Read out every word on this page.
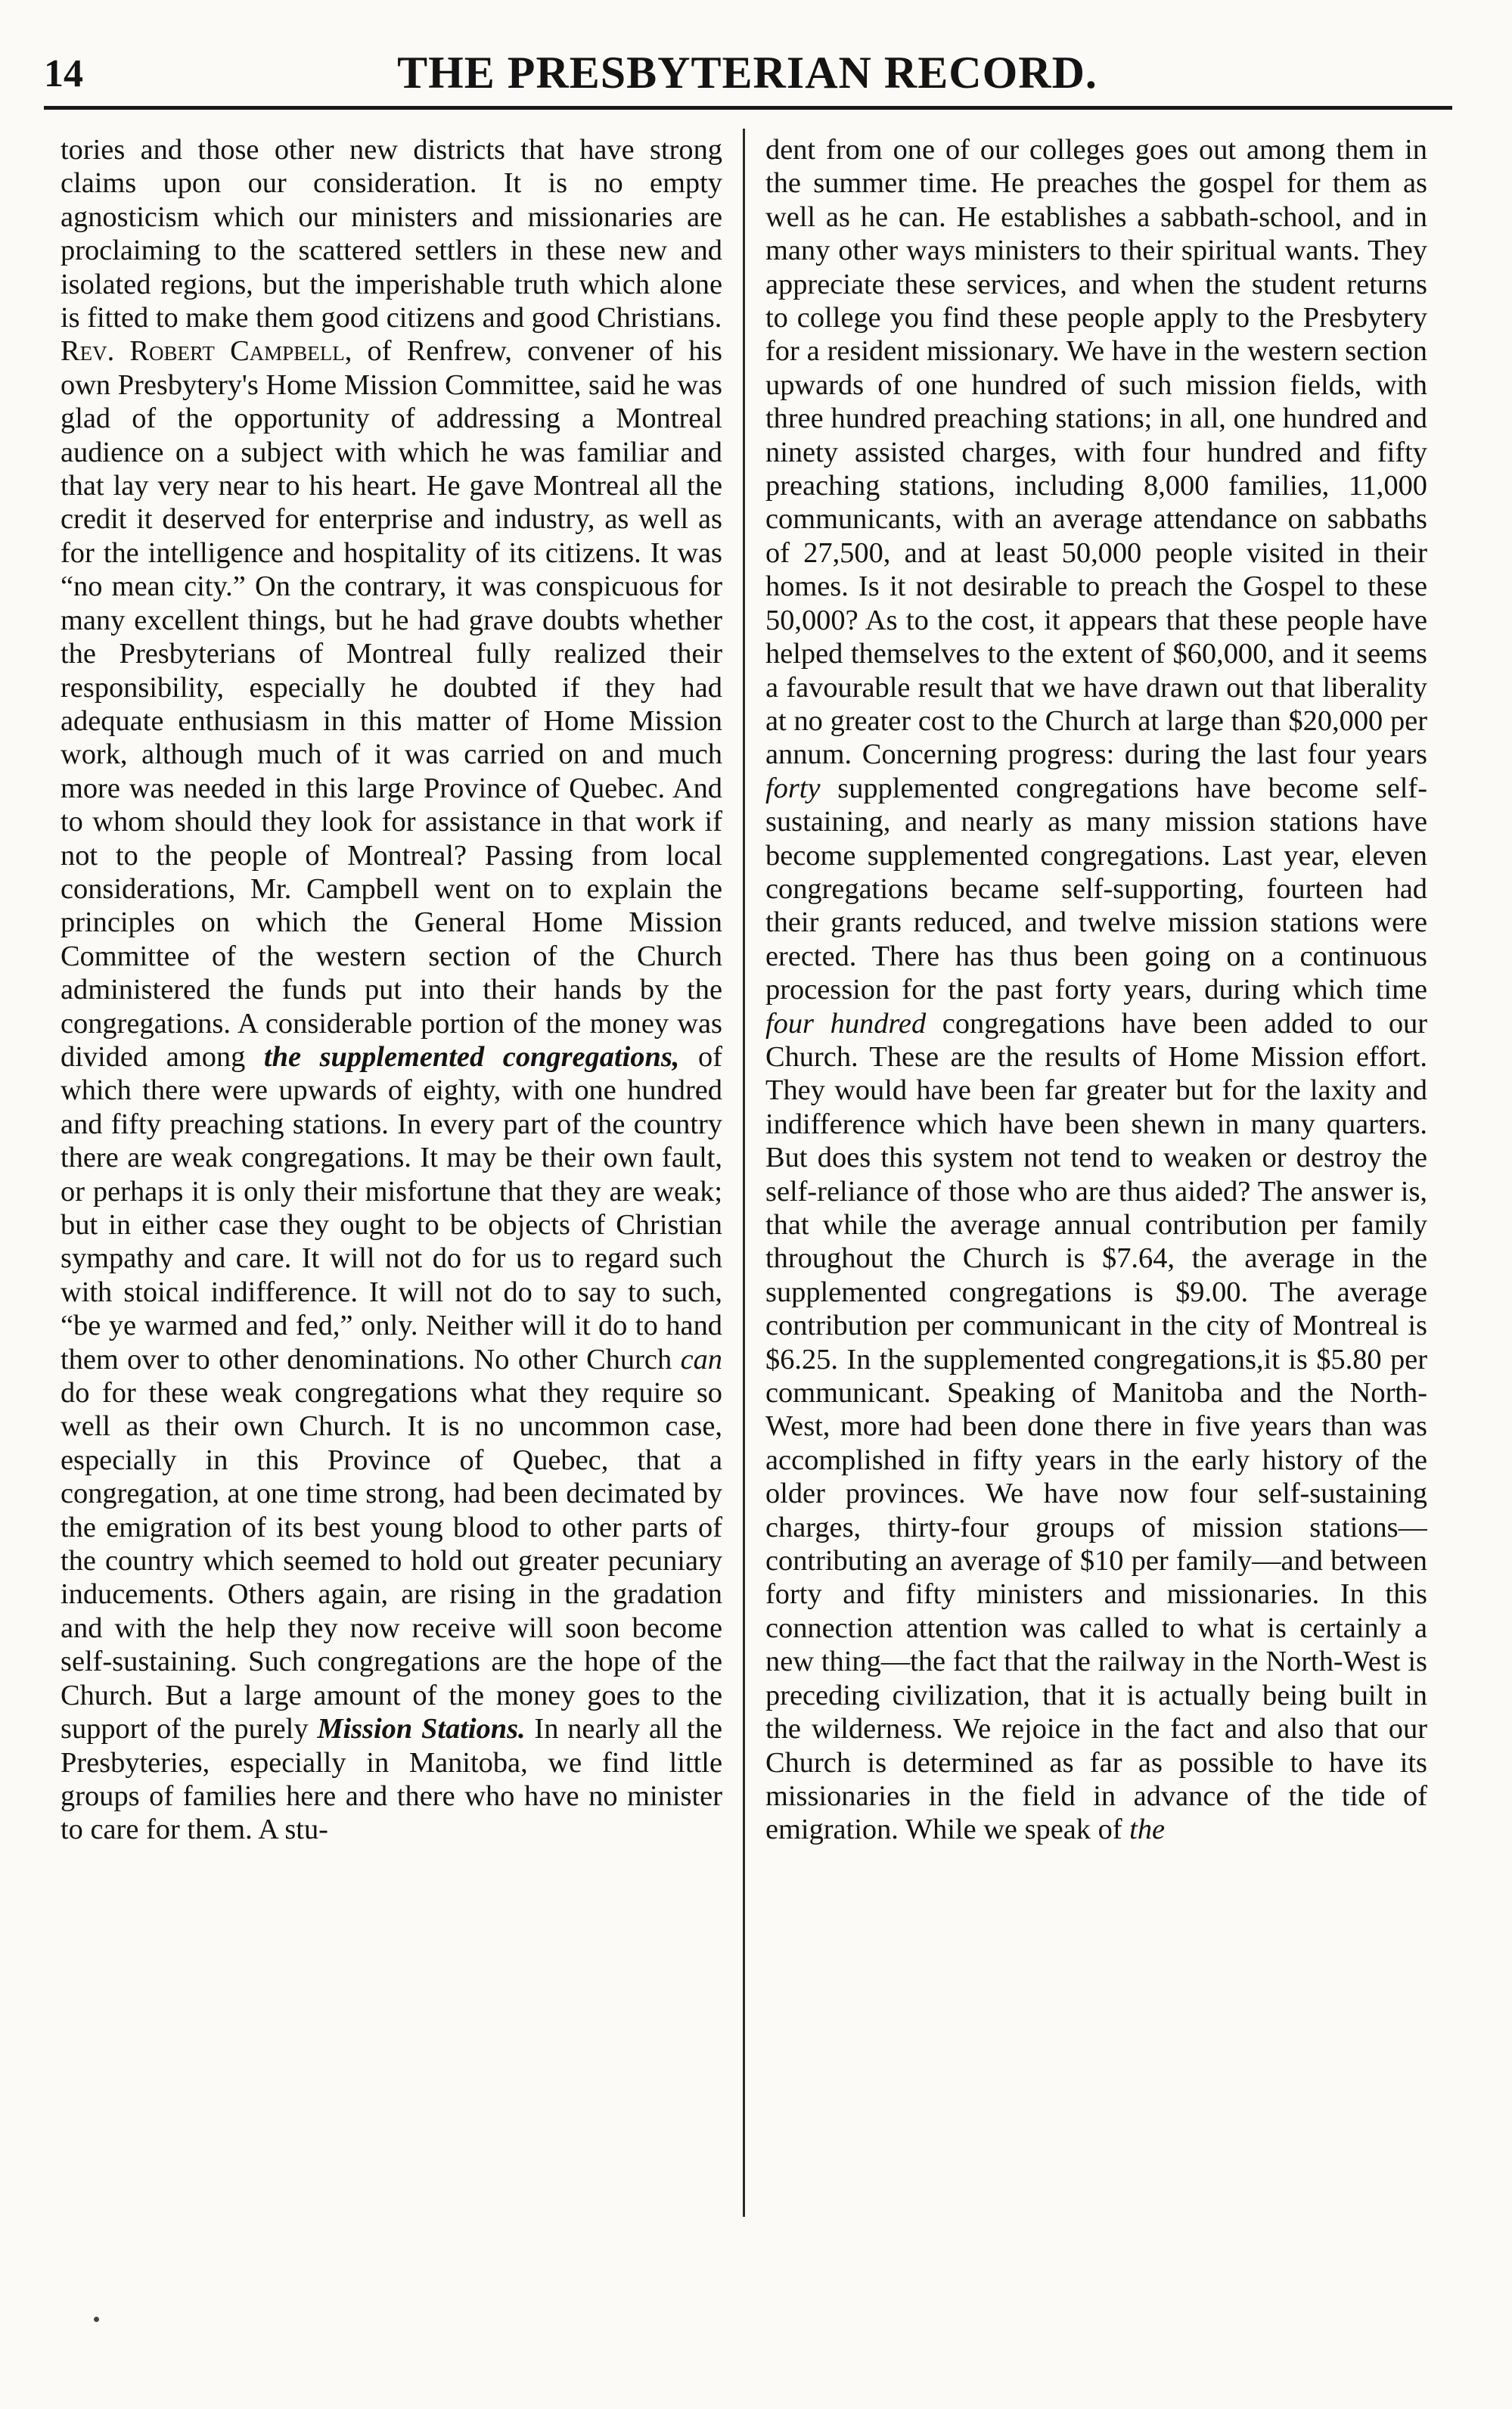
14	THE PRESBYTERIAN RECORD.

tories and those other new districts that have strong claims upon our consideration. It is no empty agnosticism which our ministers and missionaries are proclaiming to the scattered settlers in these new and isolated regions, but the imperishable truth which alone is fitted to make them good citizens and good Christians.

Rev. Robert Campbell, of Renfrew, convener of his own Presbytery's Home Mission Committee, said he was glad of the opportunity of addressing a Montreal audience on a subject with which he was familiar and that lay very near to his heart. He gave Montreal all the credit it deserved for enterprise and industry, as well as for the intelligence and hospitality of its citizens. It was “no mean city.” On the contrary, it was conspicuous for many excellent things, but he had grave doubts whether the Presbyterians of Montreal fully realized their responsibility, especially he doubted if they had adequate enthusiasm in this matter of Home Mission work, although much of it was carried on and much more was needed in this large Province of Quebec. And to whom should they look for assistance in that work if not to the people of Montreal? Passing from local considerations, Mr. Campbell went on to explain the principles on which the General Home Mission Committee of the western section of the Church administered the funds put into their hands by the congregations. A considerable portion of the money was divided among the supplemented congregations, of which there were upwards of eighty, with one hundred and fifty preaching stations. In every part of the country there are weak congregations. It may be their own fault, or perhaps it is only their misfortune that they are weak; but in either case they ought to be objects of Christian sympathy and care. It will not do for us to regard such with stoical indifference. It will not do to say to such, “be ye warmed and fed,” only. Neither will it do to hand them over to other denominations. No other Church can do for these weak congregations what they require so well as their own Church. It is no uncommon case, especially in this Province of Quebec, that a congregation, at one time strong, had been decimated by the emigration of its best young blood to other parts of the country which seemed to hold out greater pecuniary inducements. Others again, are rising in the gradation and with the help they now receive will soon become self-sustaining. Such congregations are the hope of the Church. But a large amount of the money goes to the support of the purely Mission Stations. In nearly all the Presbyteries, especially in Manitoba, we find little groups of families here and there who have no minister to care for them. A stu-

dent from one of our colleges goes out among them in the summer time. He preaches the gospel for them as well as he can. He establishes a sabbath-school, and in many other ways ministers to their spiritual wants. They appreciate these services, and when the student returns to college you find these people apply to the Presbytery for a resident missionary. We have in the western section upwards of one hundred of such mission fields, with three hundred preaching stations; in all, one hundred and ninety assisted charges, with four hundred and fifty preaching stations, including 8,000 families, 11,000 communicants, with an average attendance on sabbaths of 27,500, and at least 50,000 people visited in their homes. Is it not desirable to preach the Gospel to these 50,000? As to the cost, it appears that these people have helped themselves to the extent of $60,000, and it seems a favourable result that we have drawn out that liberality at no greater cost to the Church at large than $20,000 per annum. Concerning progress: during the last four years forty supplemented congregations have become self-sustaining, and nearly as many mission stations have become supplemented congregations. Last year, eleven congregations became self-supporting, fourteen had their grants reduced, and twelve mission stations were erected. There has thus been going on a continuous procession for the past forty years, during which time four hundred congregations have been added to our Church. These are the results of Home Mission effort. They would have been far greater but for the laxity and indifference which have been shewn in many quarters. But does this system not tend to weaken or destroy the self-reliance of those who are thus aided? The answer is, that while the average annual contribution per family throughout the Church is $7.64, the average in the supplemented congregations is $9.00. The average contribution per communicant in the city of Montreal is $6.25. In the supplemented congregations,it is $5.80 per communicant. Speaking of Manitoba and the North-West, more had been done there in five years than was accomplished in fifty years in the early history of the older provinces. We have now four self-sustaining charges, thirty-four groups of mission stations—contributing an average of $10 per family—and between forty and fifty ministers and missionaries. In this connection attention was called to what is certainly a new thing—the fact that the railway in the North-West is preceding civilization, that it is actually being built in the wilderness. We rejoice in the fact and also that our Church is determined as far as possible to have its missionaries in the field in advance of the tide of emigration. While we speak of the
